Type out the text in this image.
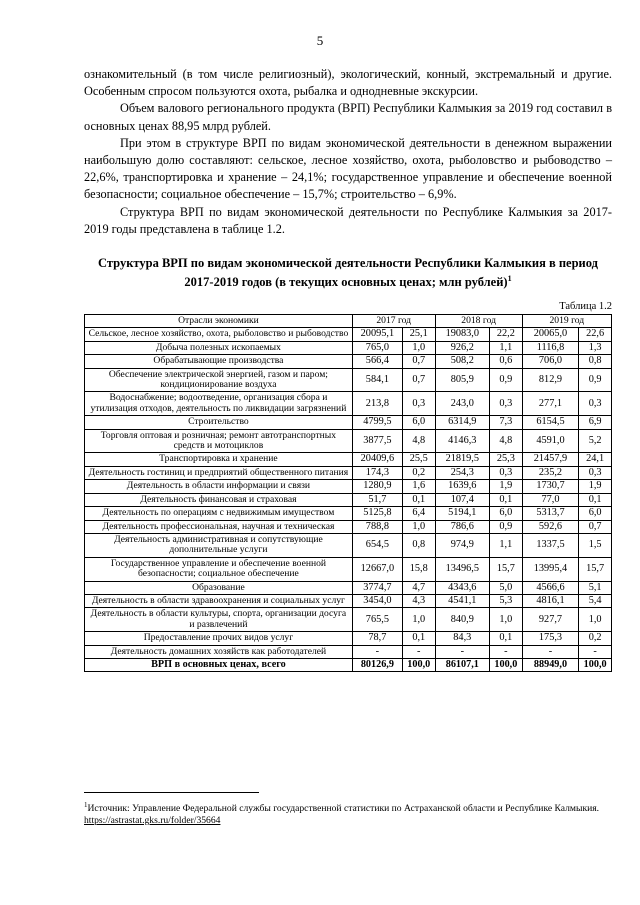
5

ознакомительный (в том числе религиозный), экологический, конный, экстремальный и другие. Особенным спросом пользуются охота, рыбалка и однодневные экскурсии.

Объем валового регионального продукта (ВРП) Республики Калмыкия за 2019 год составил в основных ценах 88,95 млрд рублей.

При этом в структуре ВРП по видам экономической деятельности в денежном выражении наибольшую долю составляют: сельское, лесное хозяйство, охота, рыболовство и рыбоводство – 22,6%, транспортировка и хранение – 24,1%; государственное управление и обеспечение военной безопасности; социальное обеспечение – 15,7%; строительство – 6,9%.

Структура ВРП по видам экономической деятельности по Республике Калмыкия за 2017-2019 годы представлена в таблице 1.2.

Структура ВРП по видам экономической деятельности Республики Калмыкия в период 2017-2019 годов (в текущих основных ценах; млн рублей)$^1$
Таблица 1.2
Отрасли экономики	2017 год		2018 год		2019 год	
Сельское, лесное хозяйство, охота, рыболовство и рыбоводство	20095,1	25,1	19083,0	22,2	20065,0	22,6
Добыча полезных ископаемых	765,0	1,0	926,2	1,1	1116,8	1,3
Обрабатывающие производства	566,4	0,7	508,2	0,6	706,0	0,8
Обеспечение электрической энергией, газом и паром; кондиционирование воздуха	584,1	0,7	805,9	0,9	812,9	0,9
Водоснабжение; водоотведение, организация сбора и утилизация отходов, деятельность по ликвидации загрязнений	213,8	0,3	243,0	0,3	277,1	0,3
Строительство	4799,5	6,0	6314,9	7,3	6154,5	6,9
Торговля оптовая и розничная; ремонт автотранспортных средств и мотоциклов	3877,5	4,8	4146,3	4,8	4591,0	5,2
Транспортировка и хранение	20409,6	25,5	21819,5	25,3	21457,9	24,1
Деятельность гостиниц и предприятий общественного питания	174,3	0,2	254,3	0,3	235,2	0,3
Деятельность в области информации и связи	1280,9	1,6	1639,6	1,9	1730,7	1,9
Деятельность финансовая и страховая	51,7	0,1	107,4	0,1	77,0	0,1
Деятельность по операциям с недвижимым имуществом	5125,8	6,4	5194,1	6,0	5313,7	6,0
Деятельность профессиональная, научная и техническая	788,8	1,0	786,6	0,9	592,6	0,7
Деятельность административная и сопутствующие дополнительные услуги	654,5	0,8	974,9	1,1	1337,5	1,5
Государственное управление и обеспечение военной безопасности; социальное обеспечение	12667,0	15,8	13496,5	15,7	13995,4	15,7
Образование	3774,7	4,7	4343,6	5,0	4566,6	5,1
Деятельность в области здравоохранения и социальных услуг	3454,0	4,3	4541,1	5,3	4816,1	5,4
Деятельность в области культуры, спорта, организации досуга и развлечений	765,5	1,0	840,9	1,0	927,7	1,0
Предоставление прочих видов услуг	78,7	0,1	84,3	0,1	175,3	0,2
Деятельность домашних хозяйств как работодателей	-	-	-	-	-	-
ВРП в основных ценах, всего	80126,9	100,0	86107,1	100,0	88949,0	100,0
$^1$Источник: Управление Федеральной службы государственной статистики по Астраханской области и Республике Калмыкия. https://astrastat.gks.ru/folder/35664
